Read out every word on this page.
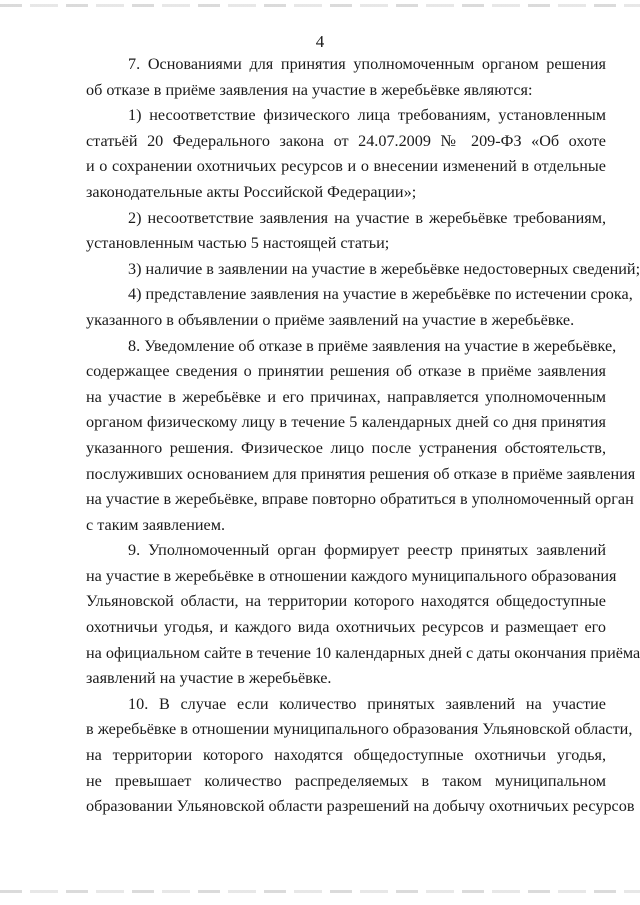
4
7. Основаниями для принятия уполномоченным органом решения
об отказе в приёме заявления на участие в жеребьёвке являются:
1) несоответствие физического лица требованиям, установленным
статьёй 20 Федерального закона от 24.07.2009 № 209-ФЗ «Об охоте
и о сохранении охотничьих ресурсов и о внесении изменений в отдельные
законодательные акты Российской Федерации»;
2) несоответствие заявления на участие в жеребьёвке требованиям,
установленным частью 5 настоящей статьи;
3) наличие в заявлении на участие в жеребьёвке недостоверных сведений;
4) представление заявления на участие в жеребьёвке по истечении срока,
указанного в объявлении о приёме заявлений на участие в жеребьёвке.
8. Уведомление об отказе в приёме заявления на участие в жеребьёвке,
содержащее сведения о принятии решения об отказе в приёме заявления
на участие в жеребьёвке и его причинах, направляется уполномоченным
органом физическому лицу в течение 5 календарных дней со дня принятия
указанного решения. Физическое лицо после устранения обстоятельств,
послуживших основанием для принятия решения об отказе в приёме заявления
на участие в жеребьёвке, вправе повторно обратиться в уполномоченный орган
с таким заявлением.
9. Уполномоченный орган формирует реестр принятых заявлений
на участие в жеребьёвке в отношении каждого муниципального образования
Ульяновской области, на территории которого находятся общедоступные
охотничьи угодья, и каждого вида охотничьих ресурсов и размещает его
на официальном сайте в течение 10 календарных дней с даты окончания приёма
заявлений на участие в жеребьёвке.
10. В случае если количество принятых заявлений на участие
в жеребьёвке в отношении муниципального образования Ульяновской области,
на территории которого находятся общедоступные охотничьи угодья,
не превышает количество распределяемых в таком муниципальном
образовании Ульяновской области разрешений на добычу охотничьих ресурсов
